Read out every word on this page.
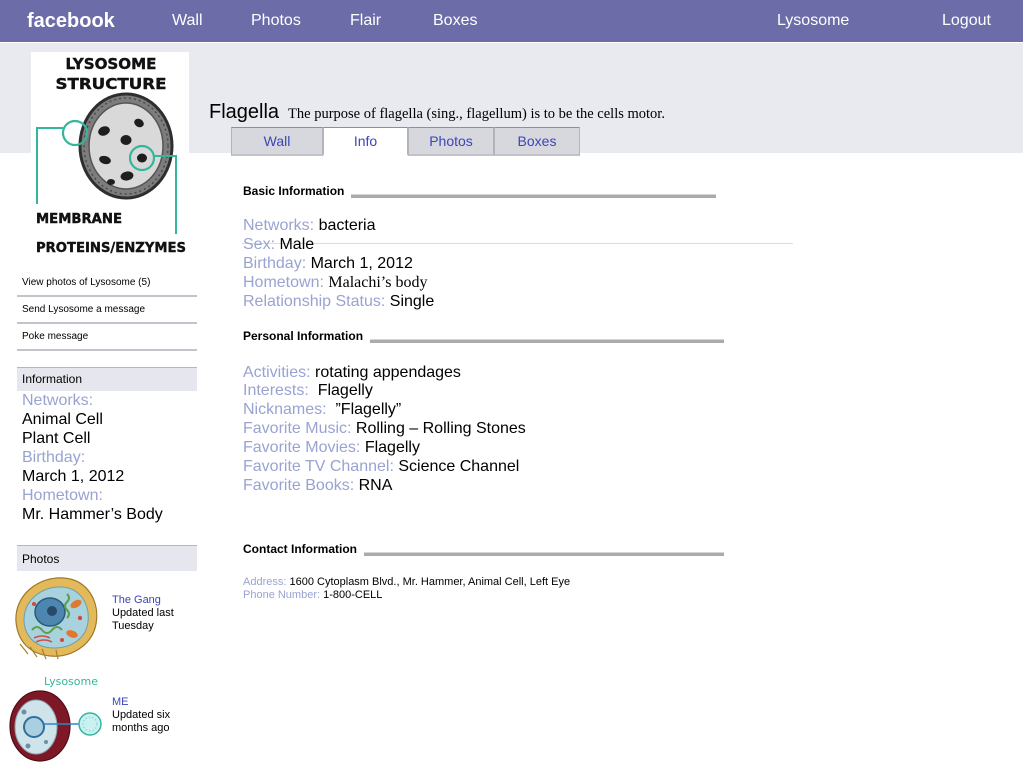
facebook	Wall	Photos	Flair	Boxes	Lysosome	Logout
LYSOSOME
STRUCTURE
MEMBRANE
PROTEINS/ENZYMES
Flagella The purpose of flagella (sing., flagellum) is to be the cells motor.
Wall	Info	Photos	Boxes
View photos of Lysosome (5)
Send Lysosome a message
Poke message
Information
Networks:
Animal Cell
Plant Cell
Birthday:
March 1, 2012
Hometown:
Mr. Hammer’s Body
Photos
The Gang
Updated last Tuesday
Lysosome
ME
Updated six months ago
Basic Information
Networks: bacteria
Sex: Male
Birthday: March 1, 2012
Hometown: Malachi’s body
Relationship Status: Single
Personal Information
Activities: rotating appendages
Interests: Flagelly
Nicknames: ”Flagelly”
Favorite Music: Rolling – Rolling Stones
Favorite Movies: Flagelly
Favorite TV Channel: Science Channel
Favorite Books: RNA
Contact Information
Address: 1600 Cytoplasm Blvd., Mr. Hammer, Animal Cell, Left Eye
Phone Number: 1-800-CELL
